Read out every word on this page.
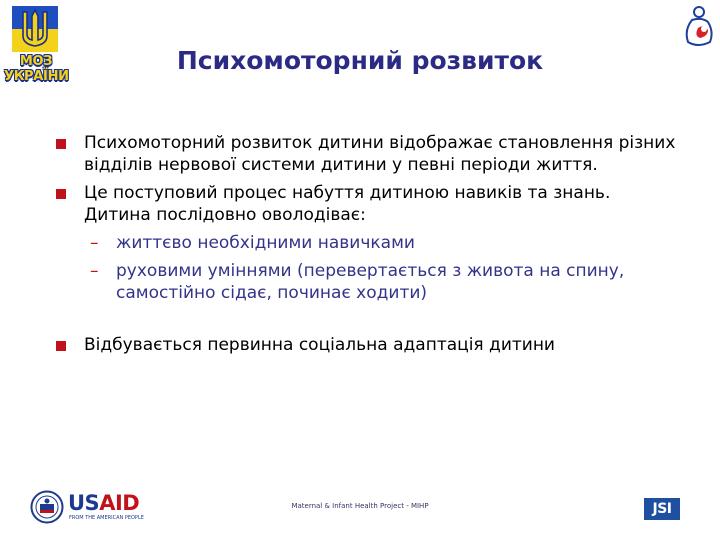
МОЗ
УКРАЇНИ
Психомоторний розвиток
Психомоторний розвиток дитини відображає становлення різних відділів нервової системи дитини у певні періоди життя.
Це поступовий процес набуття дитиною навиків та знань. Дитина послідовно оволодіває:
– життєво необхідними навичками
– руховими уміннями (перевертається з живота на спину, самостійно сідає, починає ходити)
Відбувається первинна соціальна адаптація дитини
USAID
FROM THE AMERICAN PEOPLE
Maternal & Infant Health Project - MIHP	JSI
